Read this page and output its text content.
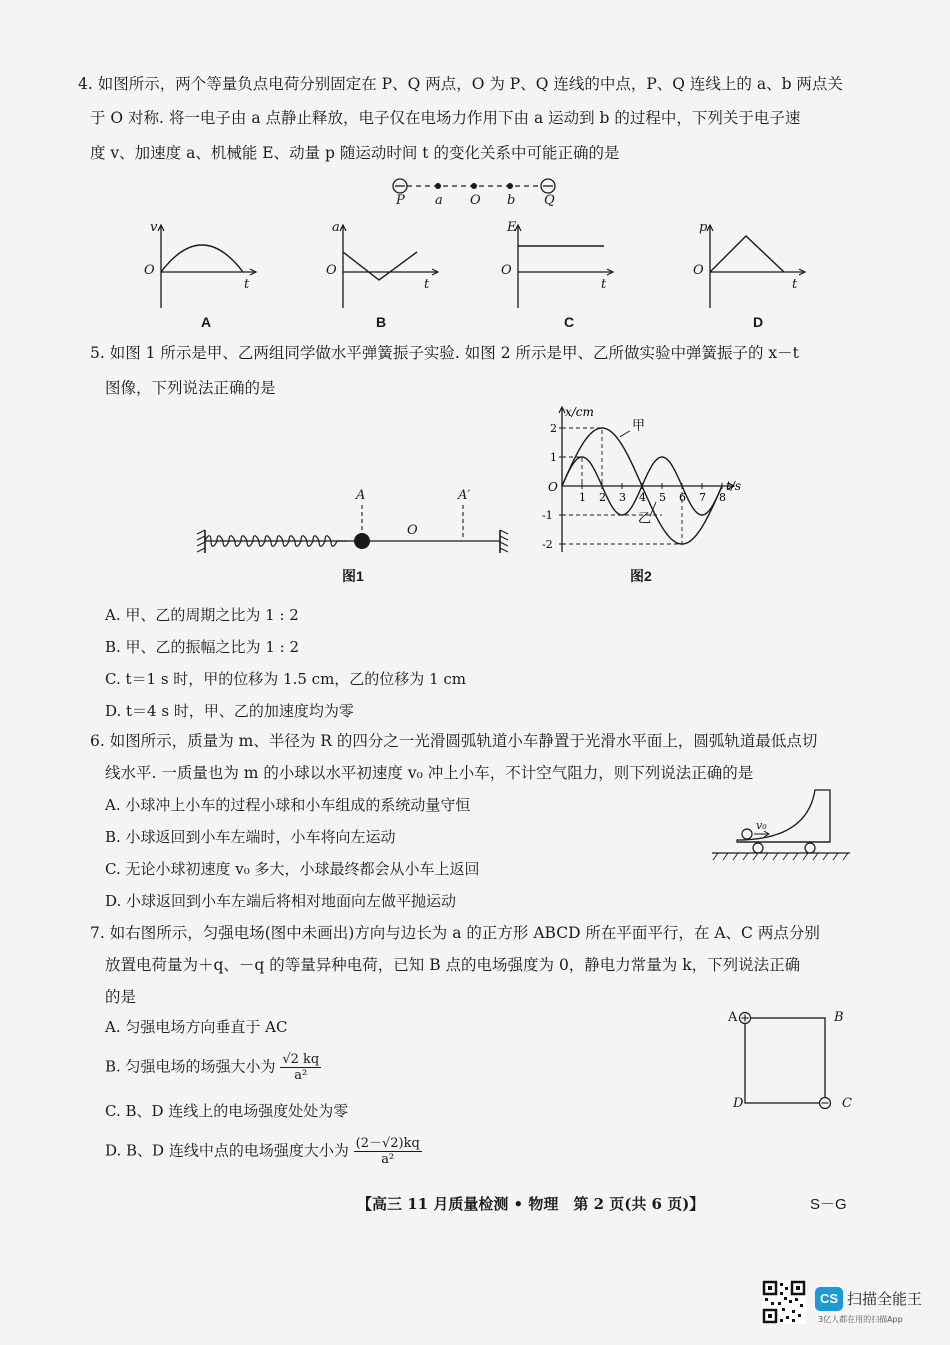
4. 如图所示，两个等量负点电荷分别固定在 P、Q 两点，O 为 P、Q 连线的中点，P、Q 连线上的 a、b 两点关
于 O 对称. 将一电子由 a 点静止释放，电子仅在电场力作用下由 a 运动到 b 的过程中，下列关于电子速
度 v、加速度 a、机械能 E、动量 p 随运动时间 t 的变化关系中可能正确的是
P a O b Q
v
O
t
A
a
O
t
B
E
O
t
C
p
O
t
D
5. 如图 1 所示是甲、乙两组同学做水平弹簧振子实验. 如图 2 所示是甲、乙所做实验中弹簧振子的 x－t
图像，下列说法正确的是
A	A′
O
图1
x/cm
t/s
O
2
1
-1
-2
1 2 3 4 5 6 7 8
甲
乙
图2
A. 甲、乙的周期之比为 1 : 2
B. 甲、乙的振幅之比为 1 : 2
C. t＝1 s 时，甲的位移为 1.5 cm，乙的位移为 1 cm
D. t＝4 s 时，甲、乙的加速度均为零
6. 如图所示，质量为 m、半径为 R 的四分之一光滑圆弧轨道小车静置于光滑水平面上，圆弧轨道最低点切
线水平. 一质量也为 m 的小球以水平初速度 v₀ 冲上小车，不计空气阻力，则下列说法正确的是
A. 小球冲上小车的过程小球和小车组成的系统动量守恒
B. 小球返回到小车左端时，小车将向左运动
C. 无论小球初速度 v₀ 多大，小球最终都会从小车上返回
D. 小球返回到小车左端后将相对地面向左做平抛运动
v₀
7. 如右图所示，匀强电场(图中未画出)方向与边长为 a 的正方形 ABCD 所在平面平行，在 A、C 两点分别
放置电荷量为＋q、－q 的等量异种电荷，已知 B 点的电场强度为 0，静电力常量为 k，下列说法正确
的是
A. 匀强电场方向垂直于 AC
B. 匀强电场的场强大小为 $\frac{√2 kq}{\text{a²}}$
C. B、D 连线上的电场强度处处为零
D. B、D 连线中点的电场强度大小为 $\frac{(2-√2)kq}{\text{a²}}$
A	B
C
D
【高三 11 月质量检测 • 物理　第 2 页(共 6 页)】	S－G
CS 扫描全能王
3亿人都在用的扫描App
